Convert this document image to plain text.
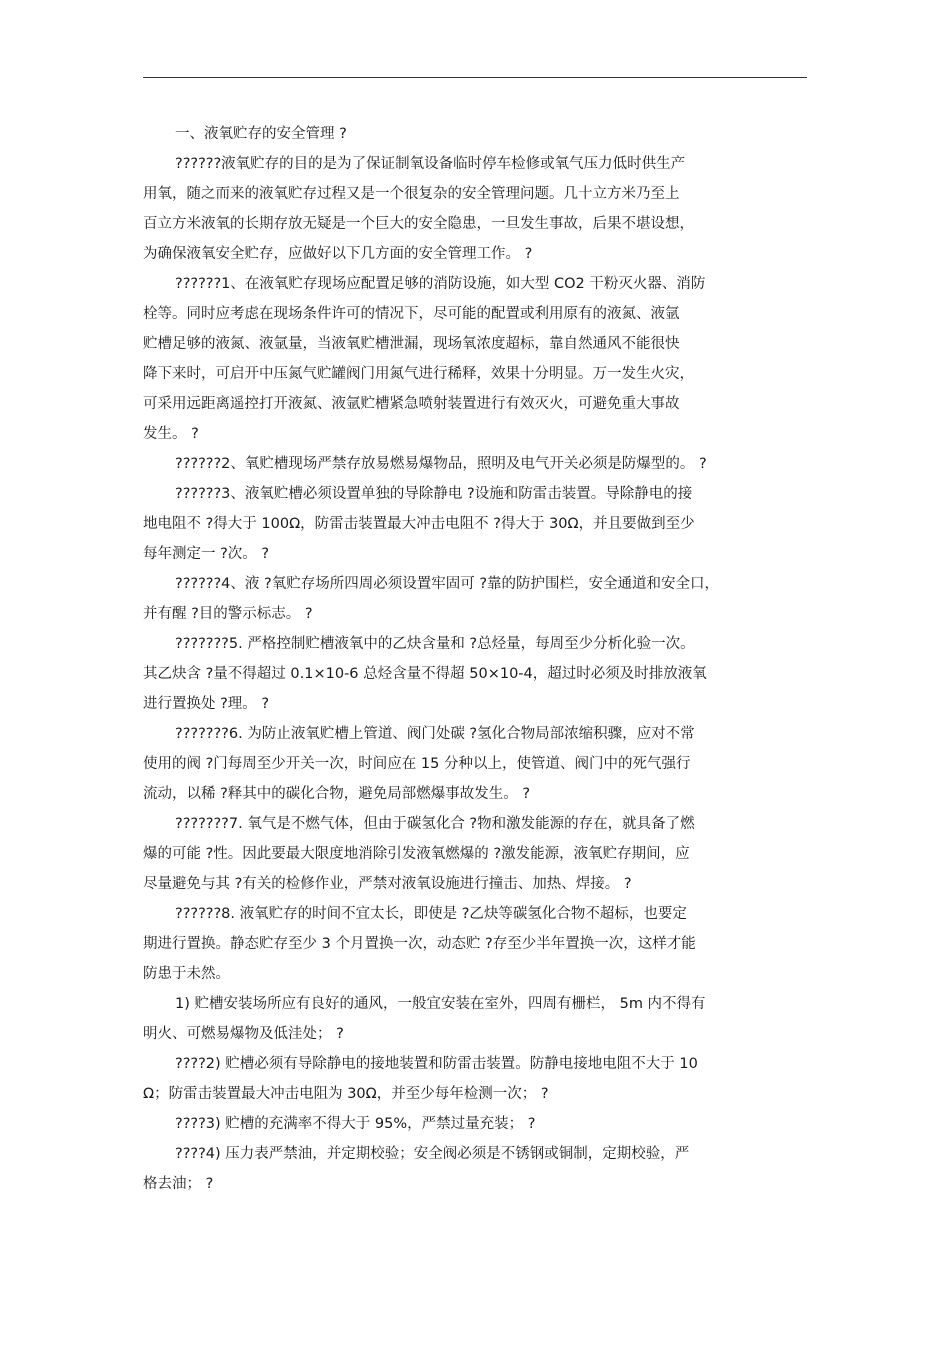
一、液氧贮存的安全管理 ?

??????液氧贮存的目的是为了保证制氧设备临时停车检修或氧气压力低时供生产

用氧，随之而来的液氧贮存过程又是一个很复杂的安全管理问题。几十立方米乃至上

百立方米液氧的长期存放无疑是一个巨大的安全隐患，一旦发生事故，后果不堪设想，

为确保液氧安全贮存，应做好以下几方面的安全管理工作。 ?

??????1、在液氧贮存现场应配置足够的消防设施，如大型 CO2 干粉灭火器、消防

栓等。同时应考虑在现场条件许可的情况下，尽可能的配置或利用原有的液氮、液氩

贮槽足够的液氮、液氩量，当液氧贮槽泄漏，现场氧浓度超标，靠自然通风不能很快

降下来时，可启开中压氮气贮罐阀门用氮气进行稀释，效果十分明显。万一发生火灾，

可采用远距离遥控打开液氮、液氩贮槽紧急喷射装置进行有效灭火，可避免重大事故

发生。 ?

??????2、氧贮槽现场严禁存放易燃易爆物品，照明及电气开关必须是防爆型的。 ?

??????3、液氧贮槽必须设置单独的导除静电 ?设施和防雷击装置。导除静电的接

地电阻不 ?得大于 100Ω，防雷击装置最大冲击电阻不 ?得大于 30Ω，并且要做到至少

每年测定一 ?次。 ?

??????4、液 ?氧贮存场所四周必须设置牢固可 ?靠的防护围栏，安全通道和安全口，

并有醒 ?目的警示标志。 ?

???????5. 严格控制贮槽液氧中的乙炔含量和 ?总烃量，每周至少分析化验一次。

其乙炔含 ?量不得超过 0.1×10-6 总烃含量不得超 50×10-4，超过时必须及时排放液氧

进行置换处 ?理。 ?

???????6. 为防止液氧贮槽上管道、阀门处碳 ?氢化合物局部浓缩积骤，应对不常

使用的阀 ?门每周至少开关一次，时间应在 15 分种以上，使管道、阀门中的死气强行

流动，以稀 ?释其中的碳化合物，避免局部燃爆事故发生。 ?

???????7. 氧气是不燃气体，但由于碳氢化合 ?物和激发能源的存在，就具备了燃

爆的可能 ?性。因此要最大限度地消除引发液氧燃爆的 ?激发能源，液氧贮存期间，应

尽量避免与其 ?有关的检修作业，严禁对液氧设施进行撞击、加热、焊接。 ?

??????8. 液氧贮存的时间不宜太长，即使是 ?乙炔等碳氢化合物不超标，也要定

期进行置换。静态贮存至少 3 个月置换一次，动态贮 ?存至少半年置换一次，这样才能

防患于未然。

1) 贮槽安装场所应有良好的通风，一般宜安装在室外，四周有栅栏， 5m 内不得有

明火、可燃易爆物及低洼处； ?

????2) 贮槽必须有导除静电的接地装置和防雷击装置。防静电接地电阻不大于 10

Ω；防雷击装置最大冲击电阻为 30Ω，并至少每年检测一次； ?

????3) 贮槽的充满率不得大于 95%，严禁过量充装； ?

????4) 压力表严禁油，并定期校验；安全阀必须是不锈钢或铜制，定期校验，严

格去油； ?
